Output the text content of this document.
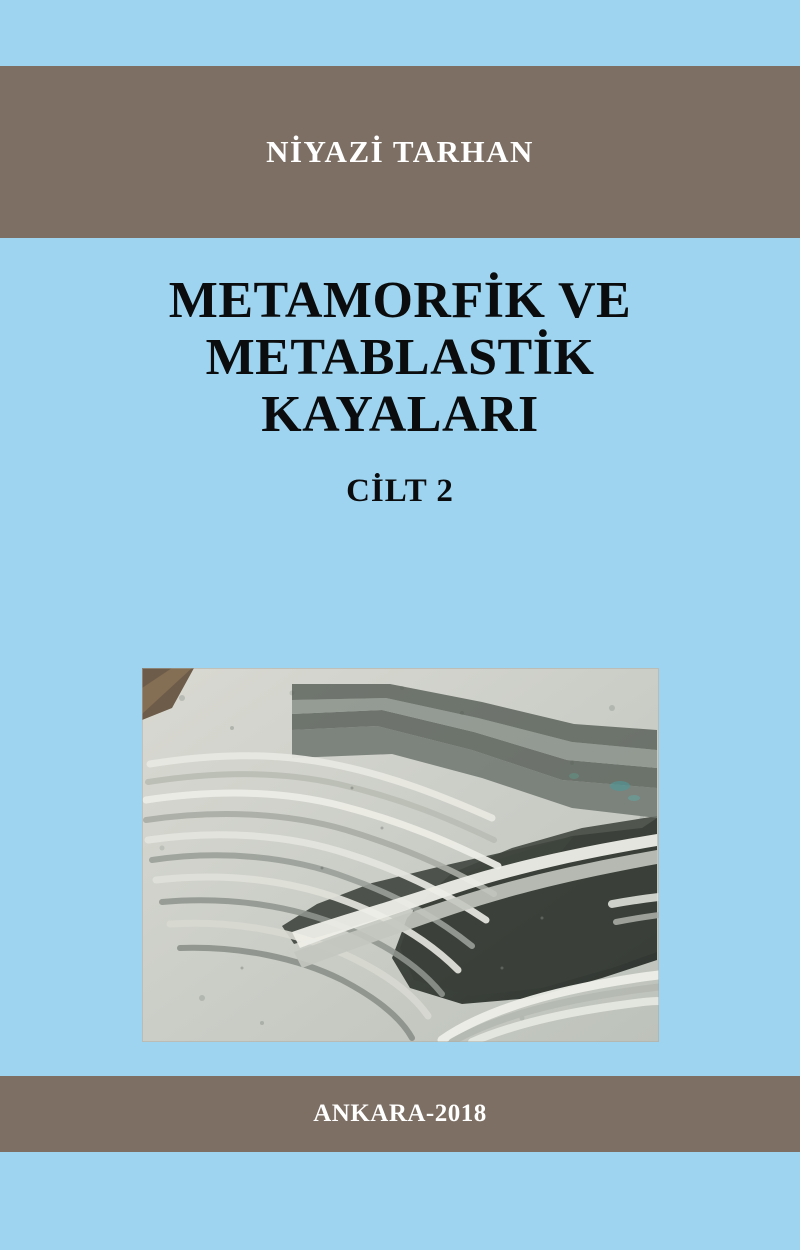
NİYAZİ TARHAN
METAMORFİK VE
METABLASTİK
KAYALARI
CİLT 2
ANKARA-2018
